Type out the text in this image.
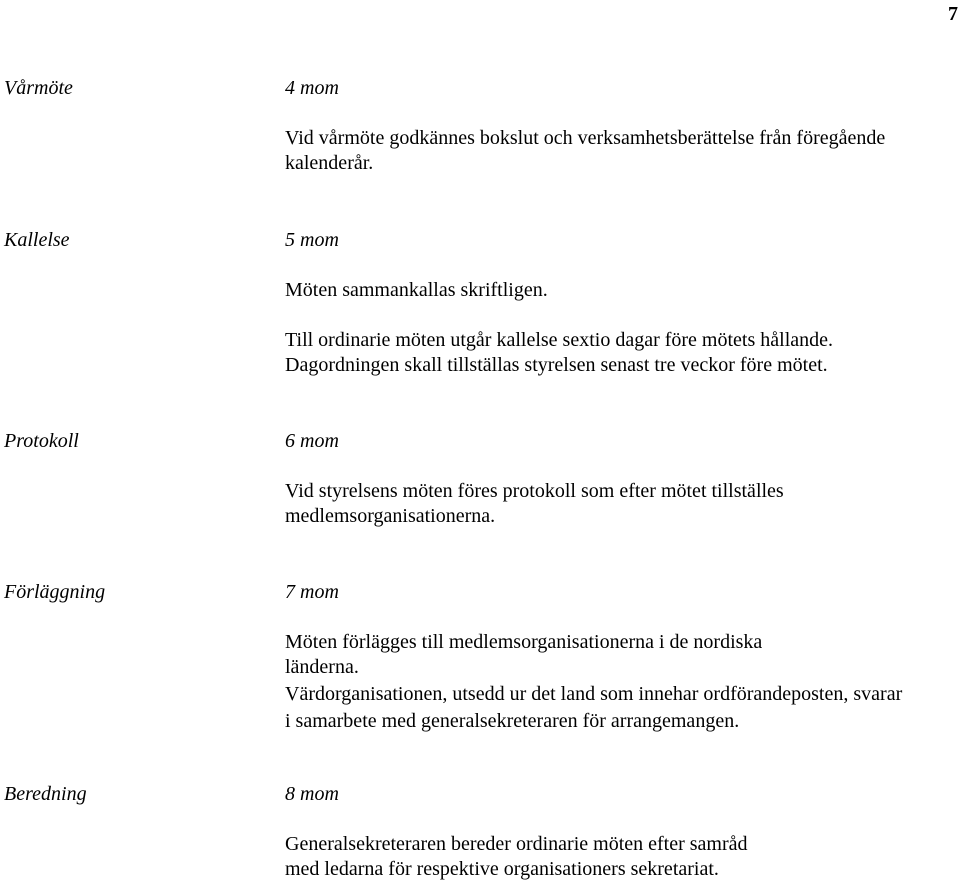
7
Vårmöte	4 mom
Vid vårmöte godkännes bokslut och verksamhetsberättelse från föregående
kalenderår.
Kallelse	5 mom
Möten sammankallas skriftligen.
Till ordinarie möten utgår kallelse sextio dagar före mötets hållande.
Dagordningen skall tillställas styrelsen senast tre veckor före mötet.
Protokoll	6 mom
Vid styrelsens möten föres protokoll som efter mötet tillställes
medlemsorganisationerna.
Förläggning	7 mom
Möten förlägges till medlemsorganisationerna i de nordiska
länderna.
Värdorganisationen, utsedd ur det land som innehar ordförandeposten, svarar
i samarbete med generalsekreteraren för arrangemangen.
Beredning	8 mom
Generalsekreteraren bereder ordinarie möten efter samråd
med ledarna för respektive organisationers sekretariat.
